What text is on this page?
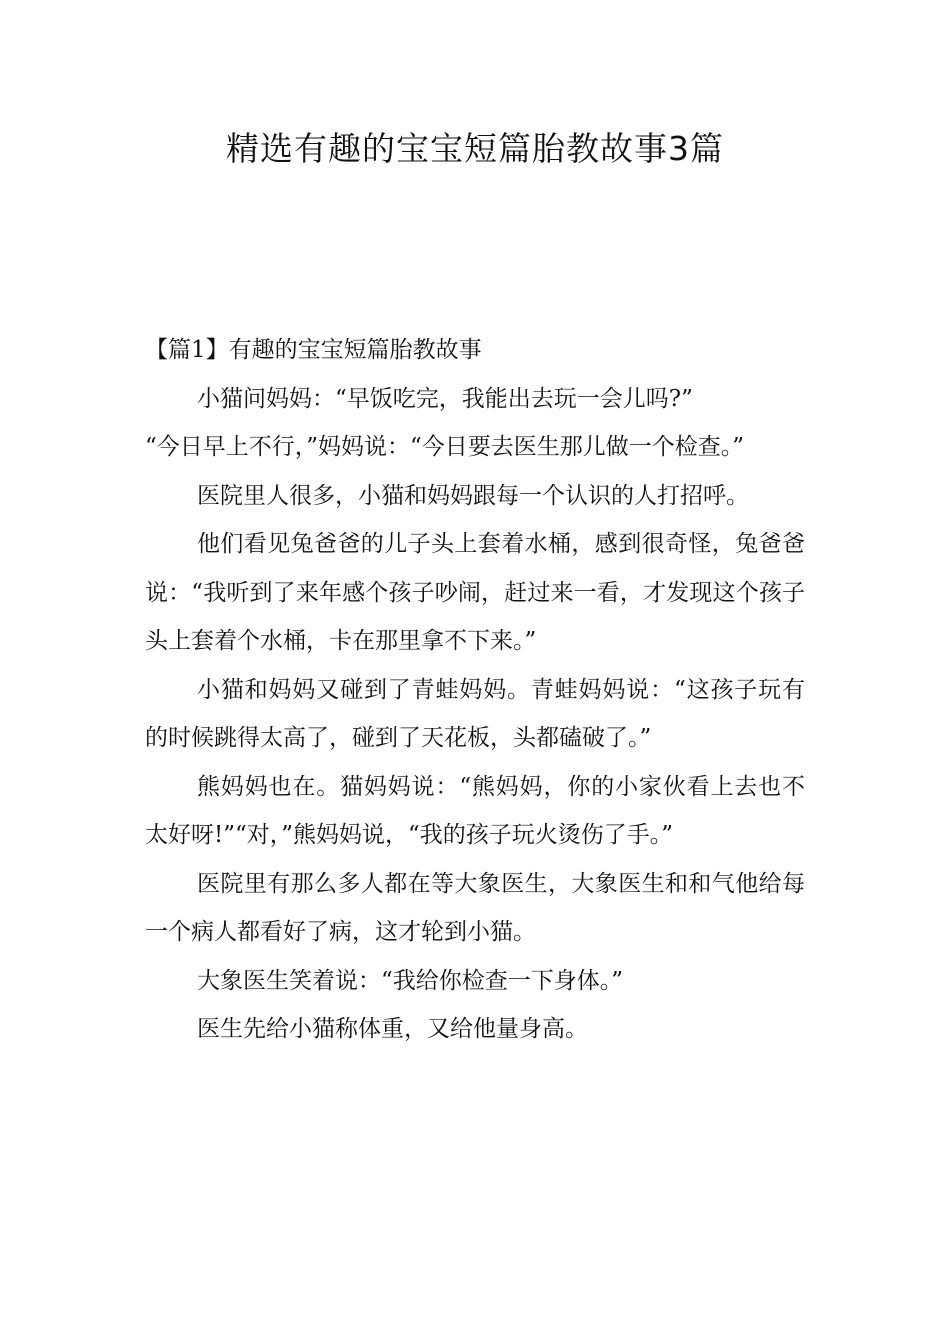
精选有趣的宝宝短篇胎教故事3篇

【篇1】有趣的宝宝短篇胎教故事

小猫问妈妈：“早饭吃完，我能出去玩一会儿吗?”

“今日早上不行，”妈妈说：“今日要去医生那儿做一个检查。”

医院里人很多，小猫和妈妈跟每一个认识的人打招呼。

他们看见兔爸爸的儿子头上套着水桶，感到很奇怪，兔爸爸说：“我听到了来年感个孩子吵闹，赶过来一看，才发现这个孩子头上套着个水桶，卡在那里拿不下来。”

小猫和妈妈又碰到了青蛙妈妈。青蛙妈妈说：“这孩子玩有的时候跳得太高了，碰到了天花板，头都磕破了。”

熊妈妈也在。猫妈妈说：“熊妈妈，你的小家伙看上去也不太好呀!”“对，”熊妈妈说，“我的孩子玩火烫伤了手。”

医院里有那么多人都在等大象医生，大象医生和和气他给每一个病人都看好了病，这才轮到小猫。

大象医生笑着说：“我给你检查一下身体。”

医生先给小猫称体重，又给他量身高。
